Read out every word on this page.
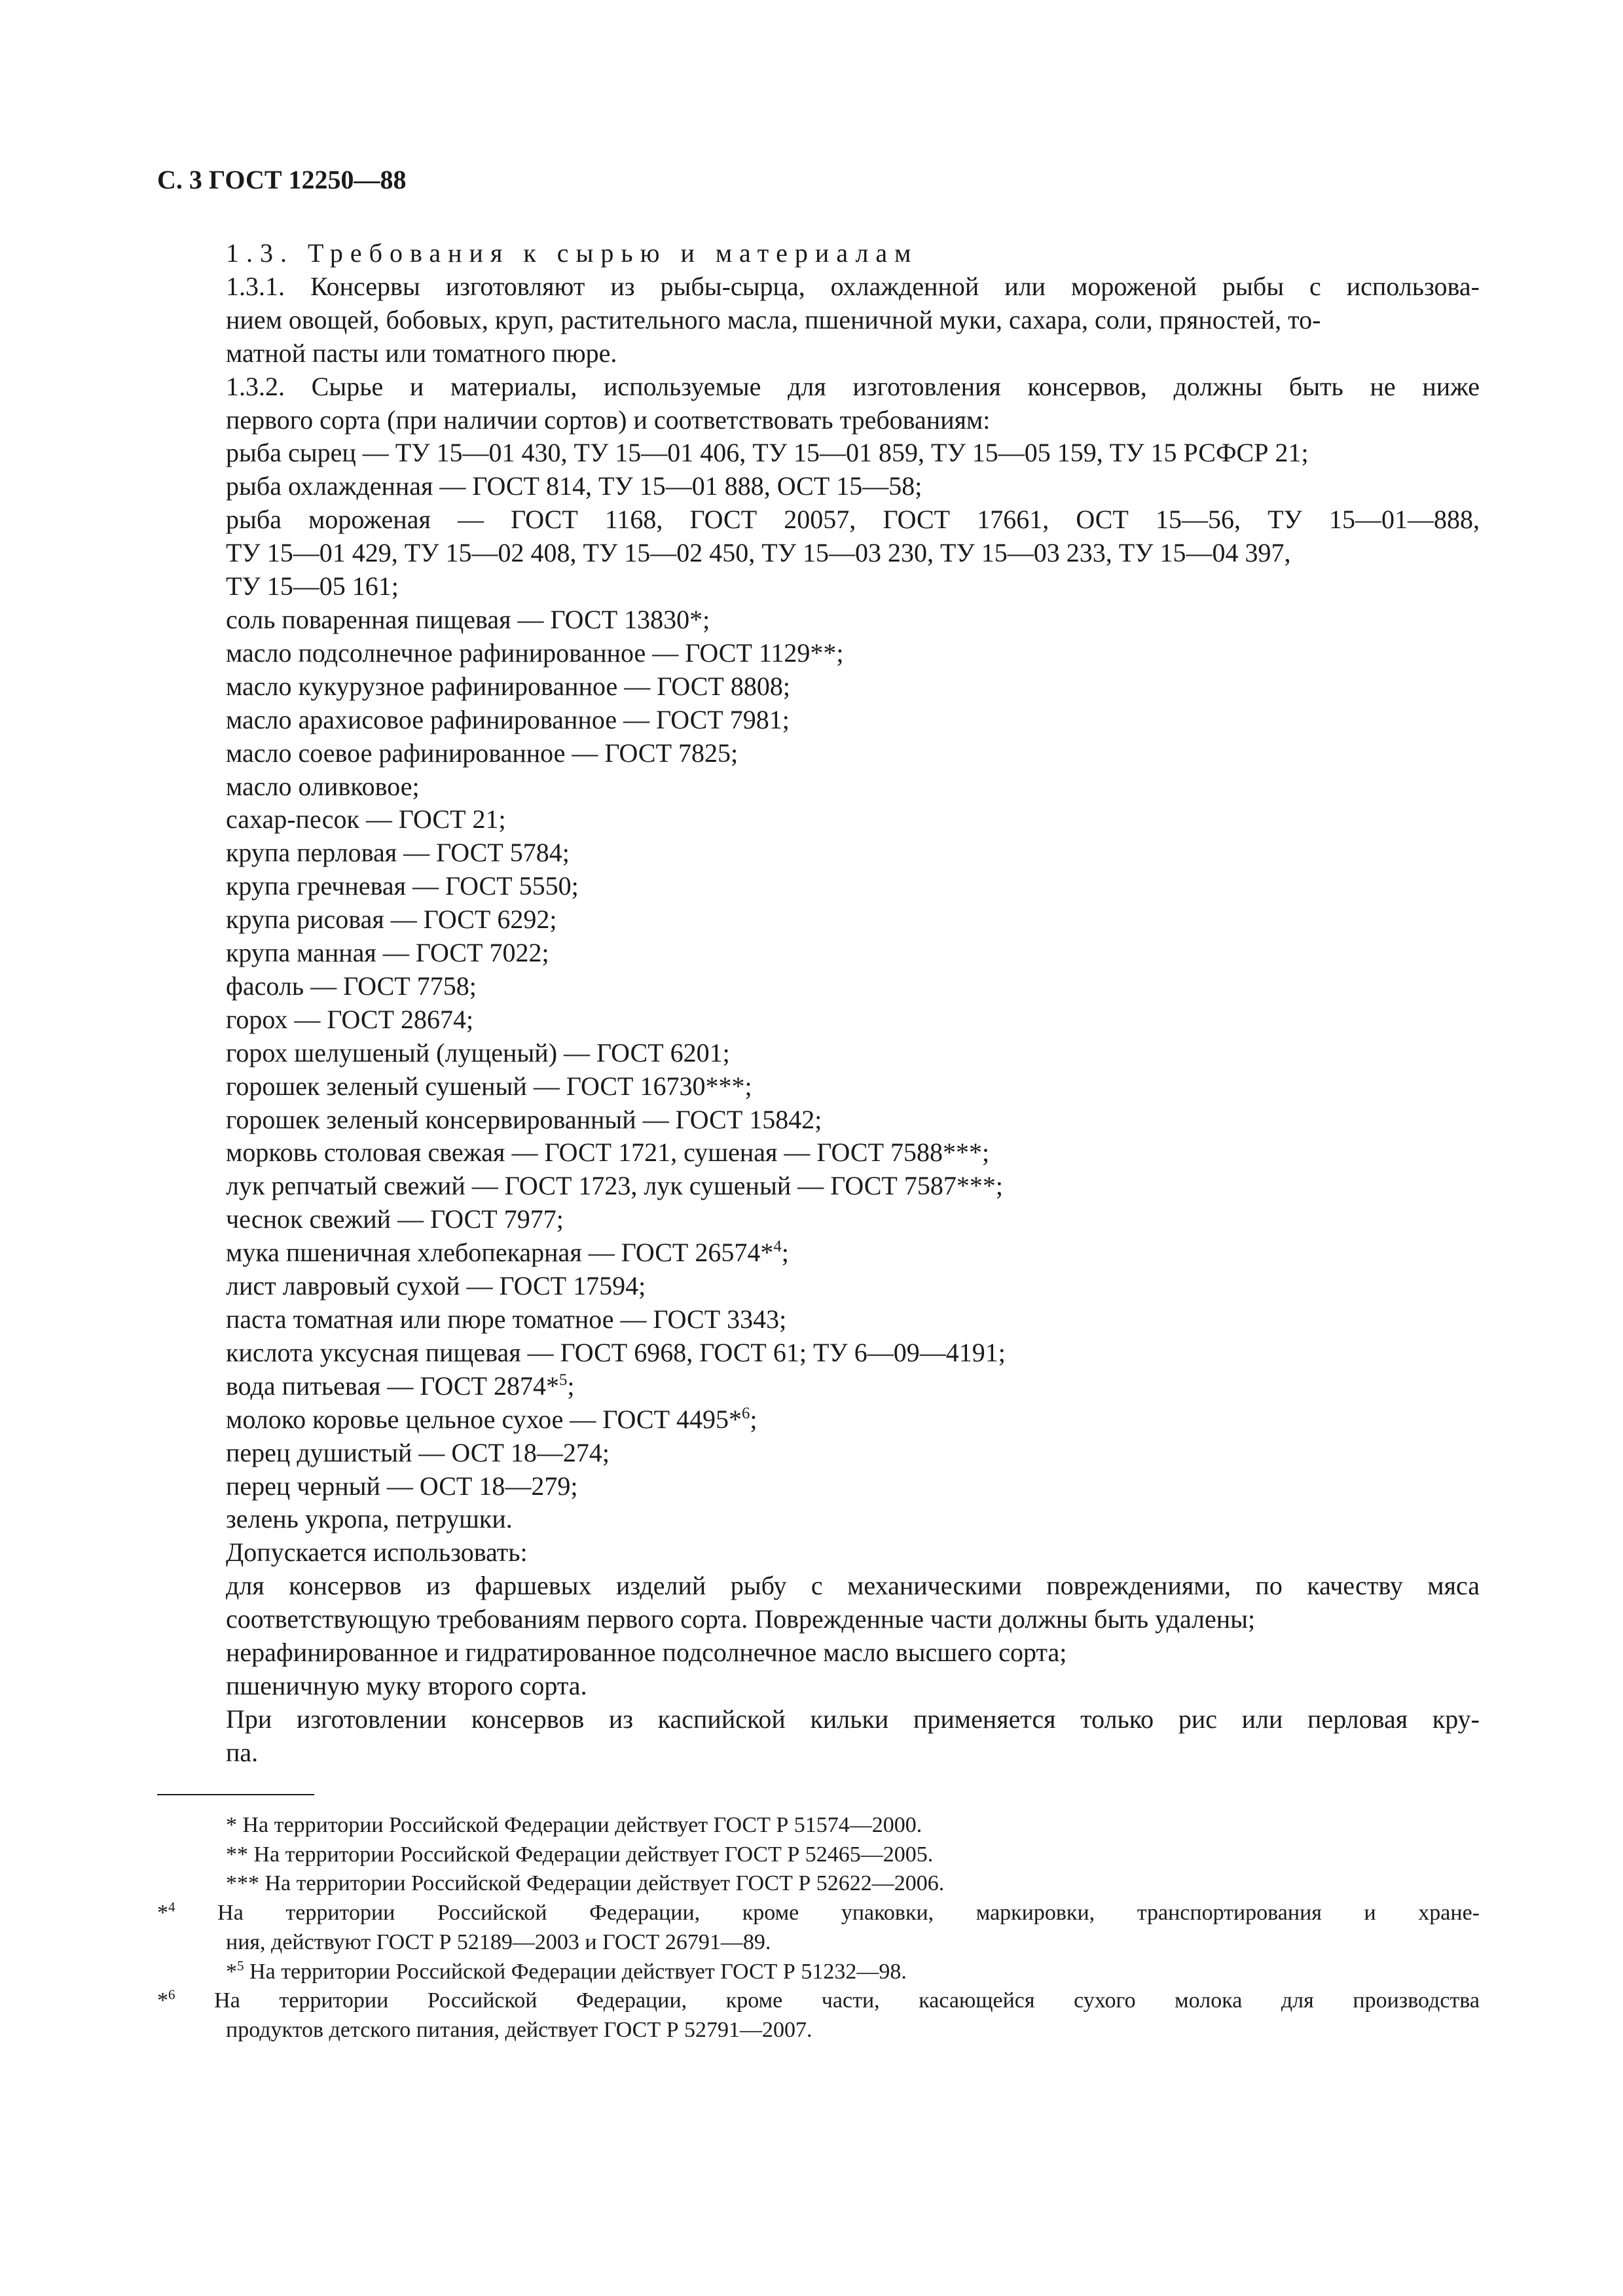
С. 3 ГОСТ 12250—88

1.3. Требования к сырью и материалам

1.3.1. Консервы изготовляют из рыбы-сырца, охлажденной или мороженой рыбы с использова-
нием овощей, бобовых, круп, растительного масла, пшеничной муки, сахара, соли, пряностей, то-
матной пасты или томатного пюре.

1.3.2. Сырье и материалы, используемые для изготовления консервов, должны быть не ниже
первого сорта (при наличии сортов) и соответствовать требованиям:

рыба сырец — ТУ 15—01 430, ТУ 15—01 406, ТУ 15—01 859, ТУ 15—05 159, ТУ 15 РСФСР 21;

рыба охлажденная — ГОСТ 814, ТУ 15—01 888, ОСТ 15—58;

рыба мороженая — ГОСТ 1168, ГОСТ 20057, ГОСТ 17661, ОСТ 15—56, ТУ 15—01—888,
ТУ 15—01 429, ТУ 15—02 408, ТУ 15—02 450, ТУ 15—03 230, ТУ 15—03 233, ТУ 15—04 397,
ТУ 15—05 161;

соль поваренная пищевая — ГОСТ 13830*;

масло подсолнечное рафинированное — ГОСТ 1129**;

масло кукурузное рафинированное — ГОСТ 8808;

масло арахисовое рафинированное — ГОСТ 7981;

масло соевое рафинированное — ГОСТ 7825;

масло оливковое;

сахар-песок — ГОСТ 21;

крупа перловая — ГОСТ 5784;

крупа гречневая — ГОСТ 5550;

крупа рисовая — ГОСТ 6292;

крупа манная — ГОСТ 7022;

фасоль — ГОСТ 7758;

горох — ГОСТ 28674;

горох шелушеный (лущеный) — ГОСТ 6201;

горошек зеленый сушеный — ГОСТ 16730***;

горошек зеленый консервированный — ГОСТ 15842;

морковь столовая свежая — ГОСТ 1721, сушеная — ГОСТ 7588***;

лук репчатый свежий — ГОСТ 1723, лук сушеный — ГОСТ 7587***;

чеснок свежий — ГОСТ 7977;

мука пшеничная хлебопекарная — ГОСТ 26574*$^4$;

лист лавровый сухой — ГОСТ 17594;

паста томатная или пюре томатное — ГОСТ 3343;

кислота уксусная пищевая — ГОСТ 6968, ГОСТ 61; ТУ 6—09—4191;

вода питьевая — ГОСТ 2874*$^5$;

молоко коровье цельное сухое — ГОСТ 4495*$^6$;

перец душистый — ОСТ 18—274;

перец черный — ОСТ 18—279;

зелень укропа, петрушки.

Допускается использовать:

для консервов из фаршевых изделий рыбу с механическими повреждениями, по качеству мяса
соответствующую требованиям первого сорта. Поврежденные части должны быть удалены;

нерафинированное и гидратированное подсолнечное масло высшего сорта;

пшеничную муку второго сорта.

При изготовлении консервов из каспийской кильки применяется только рис или перловая кру-
па.

* На территории Российской Федерации действует ГОСТ Р 51574—2000.

** На территории Российской Федерации действует ГОСТ Р 52465—2005.

*** На территории Российской Федерации действует ГОСТ Р 52622—2006.

*$^4$ На территории Российской Федерации, кроме упаковки, маркировки, транспортирования и хране-
ния, действуют ГОСТ Р 52189—2003 и ГОСТ 26791—89.

*$^5$ На территории Российской Федерации действует ГОСТ Р 51232—98.

*$^6$ На территории Российской Федерации, кроме части, касающейся сухого молока для производства
продуктов детского питания, действует ГОСТ Р 52791—2007.
